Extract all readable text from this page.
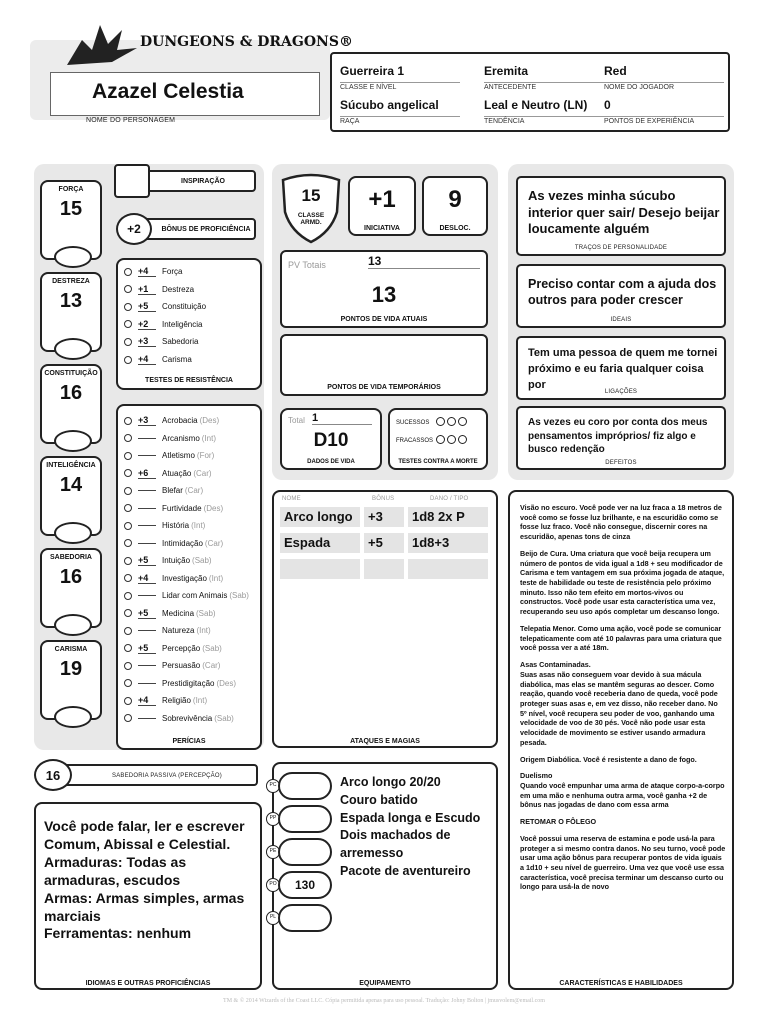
DUNGEONS & DRAGONS®
Azazel Celestia
NOME DO PERSONAGEM
Guerreira 1
CLASSE E NÍVEL
Eremita
ANTECEDENTE
Red
NOME DO JOGADOR
Súcubo angelical
RAÇA
Leal e Neutro (LN)
TENDÊNCIA
0
PONTOS DE EXPERIÊNCIA
FORÇA
15
DESTREZA
13
CONSTITUIÇÃO
16
INTELIGÊNCIA
14
SABEDORIA
16
CARISMA
19
INSPIRAÇÃO
BÔNUS DE PROFICIÊNCIA
+2
+4	Força
+1	Destreza
+5	Constituição
+2	Inteligência
+3	Sabedoria
+4	Carisma
TESTES DE RESISTÊNCIA
+3	Acrobacia (Des)
Arcanismo (Int)
Atletismo (For)
+6	Atuação (Car)
Blefar (Car)
Furtividade (Des)
História (Int)
Intimidação (Car)
+5	Intuição (Sab)
+4	Investigação (Int)
Lidar com Animais (Sab)
+5	Medicina (Sab)
Natureza (Int)
+5	Percepção (Sab)
Persuasão (Car)
Prestidigitação (Des)
+4	Religião (Int)
Sobrevivência (Sab)
PERÍCIAS
SABEDORIA PASSIVA (PERCEPÇÃO)
16
Você pode falar, ler e escrever Comum, Abissal e Celestial.
Armaduras: Todas as armaduras, escudos
Armas: Armas simples, armas marciais
Ferramentas: nenhum
IDIOMAS E OUTRAS PROFICIÊNCIAS
15
CLASSE ARMD.
+1
INICIATIVA
9
DESLOC.
PV Totais	13
13
PONTOS DE VIDA ATUAIS
PONTOS DE VIDA TEMPORÁRIOS
Total 1
D10
DADOS DE VIDA
SUCESSOS
FRACASSOS
TESTES CONTRA A MORTE
NOME	BÔNUS	DANO / TIPO
Arco longo	+3	1d8 2x P
Espada	+5	1d8+3
ATAQUES E MAGIAS
PC
PP
PE
PO	130
PL
Arco longo 20/20
Couro batido
Espada longa e Escudo
Dois machados de arremesso
Pacote de aventureiro
EQUIPAMENTO
As vezes minha súcubo interior quer sair/ Desejo beijar loucamente alguém
TRAÇOS DE PERSONALIDADE
Preciso contar com a ajuda dos outros para poder crescer
IDEAIS
Tem uma pessoa de quem me tornei próximo e eu faria qualquer coisa por
LIGAÇÕES
As vezes eu coro por conta dos meus pensamentos impróprios/ fiz algo e busco redenção
DEFEITOS

Visão no escuro. Você pode ver na luz fraca a 18 metros de você como se fosse luz brilhante, e na escuridão como se fosse luz fraco. Você não consegue, discernir cores na escuridão, apenas tons de cinza

Beijo de Cura. Uma criatura que você beija recupera um número de pontos de vida igual a 1d8 + seu modificador de Carisma e tem vantagem em sua próxima jogada de ataque, teste de habilidade ou teste de resistência pelo próximo minuto. Isso não tem efeito em mortos-vivos ou constructos. Você pode usar esta característica uma vez, recuperando seu uso após completar um descanso longo.

Telepatia Menor. Como uma ação, você pode se comunicar telepaticamente com até 10 palavras para uma criatura que você possa ver a até 18m.

Asas Contaminadas.
Suas asas não conseguem voar devido à sua mácula diabólica, mas elas se mantêm seguras ao descer. Como reação, quando você receberia dano de queda, você pode proteger suas asas e, em vez disso, não receber dano. No 5º nível, você recupera seu poder de voo, ganhando uma velocidade de voo de 30 pés. Você não pode usar esta velocidade de movimento se estiver usando armadura pesada.

Origem Diabólica. Você é resistente a dano de fogo.

Duelismo
Quando você empunhar uma arma de ataque corpo-a-corpo em uma mão e nenhuma outra arma, você ganha +2 de bônus nas jogadas de dano com essa arma

RETOMAR O FÔLEGO

Você possui uma reserva de estamina e pode usá-la para proteger a si mesmo contra danos. No seu turno, você pode usar uma ação bônus para recuperar pontos de vida iguais a 1d10 + seu nível de guerreiro. Uma vez que você use essa característica, você precisa terminar um descanso curto ou longo para usá-la de novo

CARACTERÍSTICAS E HABILIDADES
TM & © 2014 Wizards of the Coast LLC. Cópia permitida apenas para uso pessoal. Tradução: Johny Bolton | jmusvolem@email.com
